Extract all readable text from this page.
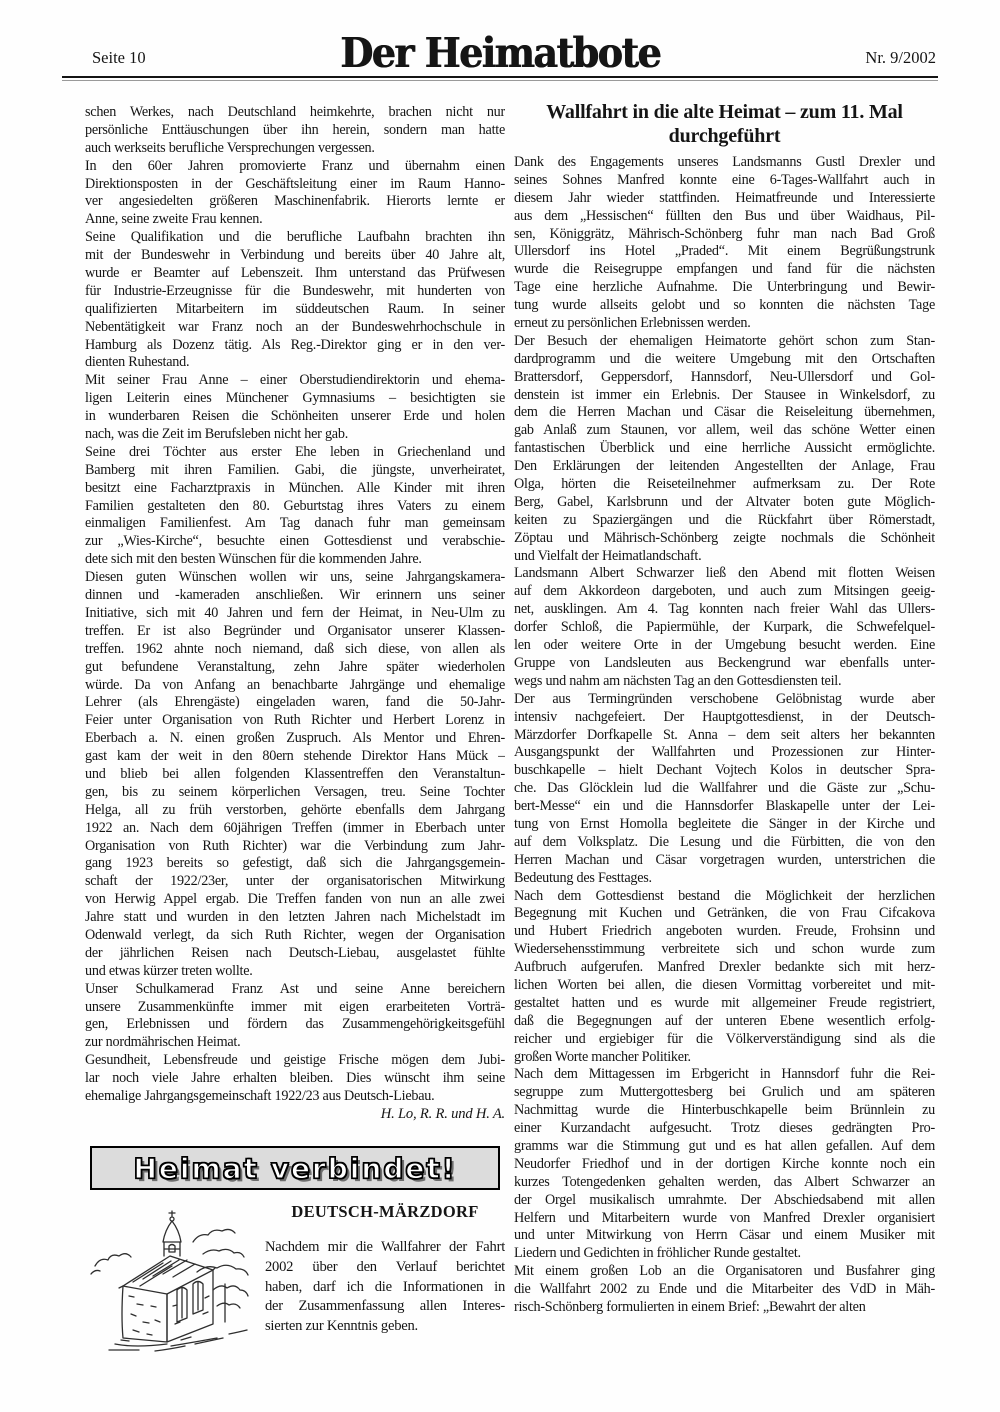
Seite 10	Der Heimatbote	Nr. 9/2002
schen Werkes, nach Deutschland heimkehrte, brachen nicht nur
persönliche Enttäuschungen über ihn herein, sondern man hatte
auch werkseits berufliche Versprechungen vergessen.
In den 60er Jahren promovierte Franz und übernahm einen
Direktionsposten in der Geschäftsleitung einer im Raum Hanno-
ver angesiedelten größeren Maschinenfabrik. Hierorts lernte er
Anne, seine zweite Frau kennen.
Seine Qualifikation und die berufliche Laufbahn brachten ihn
mit der Bundeswehr in Verbindung und bereits über 40 Jahre alt,
wurde er Beamter auf Lebenszeit. Ihm unterstand das Prüfwesen
für Industrie-Erzeugnisse für die Bundeswehr, mit hunderten von
qualifizierten Mitarbeitern im süddeutschen Raum. In seiner
Nebentätigkeit war Franz noch an der Bundeswehrhochschule in
Hamburg als Dozenz tätig. Als Reg.-Direktor ging er in den ver-
dienten Ruhestand.
Mit seiner Frau Anne – einer Oberstudiendirektorin und ehema-
ligen Leiterin eines Münchener Gymnasiums – besichtigten sie
in wunderbaren Reisen die Schönheiten unserer Erde und holen
nach, was die Zeit im Berufsleben nicht her gab.
Seine drei Töchter aus erster Ehe leben in Griechenland und
Bamberg mit ihren Familien. Gabi, die jüngste, unverheiratet,
besitzt eine Facharztpraxis in München. Alle Kinder mit ihren
Familien gestalteten den 80. Geburtstag ihres Vaters zu einem
einmaligen Familienfest. Am Tag danach fuhr man gemeinsam
zur „Wies-Kirche“, besuchte einen Gottesdienst und verabschie-
dete sich mit den besten Wünschen für die kommenden Jahre.
Diesen guten Wünschen wollen wir uns, seine Jahrgangskamera-
dinnen und -kameraden anschließen. Wir erinnern uns seiner
Initiative, sich mit 40 Jahren und fern der Heimat, in Neu-Ulm zu
treffen. Er ist also Begründer und Organisator unserer Klassen-
treffen. 1962 ahnte noch niemand, daß sich diese, von allen als
gut befundene Veranstaltung, zehn Jahre später wiederholen
würde. Da von Anfang an benachbarte Jahrgänge und ehemalige
Lehrer (als Ehrengäste) eingeladen waren, fand die 50-Jahr-
Feier unter Organisation von Ruth Richter und Herbert Lorenz in
Eberbach a. N. einen großen Zuspruch. Als Mentor und Ehren-
gast kam der weit in den 80ern stehende Direktor Hans Mück –
und blieb bei allen folgenden Klassentreffen den Veranstaltun-
gen, bis zu seinem körperlichen Versagen, treu. Seine Tochter
Helga, all zu früh verstorben, gehörte ebenfalls dem Jahrgang
1922 an. Nach dem 60jährigen Treffen (immer in Eberbach unter
Organisation von Ruth Richter) war die Verbindung zum Jahr-
gang 1923 bereits so gefestigt, daß sich die Jahrgangsgemein-
schaft der 1922/23er, unter der organisatorischen Mitwirkung
von Herwig Appel ergab. Die Treffen fanden von nun an alle zwei
Jahre statt und wurden in den letzten Jahren nach Michelstadt im
Odenwald verlegt, da sich Ruth Richter, wegen der Organisation
der jährlichen Reisen nach Deutsch-Liebau, ausgelastet fühlte
und etwas kürzer treten wollte.
Unser Schulkamerad Franz Ast und seine Anne bereichern
unsere Zusammenkünfte immer mit eigen erarbeiteten Vorträ-
gen, Erlebnissen und fördern das Zusammengehörigkeitsgefühl
zur nordmährischen Heimat.
Gesundheit, Lebensfreude und geistige Frische mögen dem Jubi-
lar noch viele Jahre erhalten bleiben. Dies wünscht ihm seine
ehemalige Jahrgangsgemeinschaft 1922/23 aus Deutsch-Liebau.
H. Lo, R. R. und H. A.
Wallfahrt in die alte Heimat – zum 11. Mal
durchgeführt
Dank des Engagements unseres Landsmanns Gustl Drexler und
seines Sohnes Manfred konnte eine 6-Tages-Wallfahrt auch in
diesem Jahr wieder stattfinden. Heimatfreunde und Interessierte
aus dem „Hessischen“ füllten den Bus und über Waidhaus, Pil-
sen, Königgrätz, Mährisch-Schönberg fuhr man nach Bad Groß
Ullersdorf ins Hotel „Praded“. Mit einem Begrüßungstrunk
wurde die Reisegruppe empfangen und fand für die nächsten
Tage eine herzliche Aufnahme. Die Unterbringung und Bewir-
tung wurde allseits gelobt und so konnten die nächsten Tage
erneut zu persönlichen Erlebnissen werden.
Der Besuch der ehemaligen Heimatorte gehört schon zum Stan-
dardprogramm und die weitere Umgebung mit den Ortschaften
Brattersdorf, Geppersdorf, Hannsdorf, Neu-Ullersdorf und Gol-
denstein ist immer ein Erlebnis. Der Stausee in Winkelsdorf, zu
dem die Herren Machan und Cäsar die Reiseleitung übernehmen,
gab Anlaß zum Staunen, vor allem, weil das schöne Wetter einen
fantastischen Überblick und eine herrliche Aussicht ermöglichte.
Den Erklärungen der leitenden Angestellten der Anlage, Frau
Olga, hörten die Reiseteilnehmer aufmerksam zu. Der Rote
Berg, Gabel, Karlsbrunn und der Altvater boten gute Möglich-
keiten zu Spaziergängen und die Rückfahrt über Römerstadt,
Zöptau und Mährisch-Schönberg zeigte nochmals die Schönheit
und Vielfalt der Heimatlandschaft.
Landsmann Albert Schwarzer ließ den Abend mit flotten Weisen
auf dem Akkordeon dargeboten, und auch zum Mitsingen geeig-
net, ausklingen. Am 4. Tag konnten nach freier Wahl das Ullers-
dorfer Schloß, die Papiermühle, der Kurpark, die Schwefelquel-
len oder weitere Orte in der Umgebung besucht werden. Eine
Gruppe von Landsleuten aus Beckengrund war ebenfalls unter-
wegs und nahm am nächsten Tag an den Gottesdiensten teil.
Der aus Termingründen verschobene Gelöbnistag wurde aber
intensiv nachgefeiert. Der Hauptgottesdienst, in der Deutsch-
Märzdorfer Dorfkapelle St. Anna – dem seit alters her bekannten
Ausgangspunkt der Wallfahrten und Prozessionen zur Hinter-
buschkapelle – hielt Dechant Vojtech Kolos in deutscher Spra-
che. Das Glöcklein lud die Wallfahrer und die Gäste zur „Schu-
bert-Messe“ ein und die Hannsdorfer Blaskapelle unter der Lei-
tung von Ernst Homolla begleitete die Sänger in der Kirche und
auf dem Volksplatz. Die Lesung und die Fürbitten, die von den
Herren Machan und Cäsar vorgetragen wurden, unterstrichen die
Bedeutung des Festtages.
Nach dem Gottesdienst bestand die Möglichkeit der herzlichen
Begegnung mit Kuchen und Getränken, die von Frau Cifcakova
und Hubert Friedrich angeboten wurden. Freude, Frohsinn und
Wiedersehensstimmung verbreitete sich und schon wurde zum
Aufbruch aufgerufen. Manfred Drexler bedankte sich mit herz-
lichen Worten bei allen, die diesen Vormittag vorbereitet und mit-
gestaltet hatten und es wurde mit allgemeiner Freude registriert,
daß die Begegnungen auf der unteren Ebene wesentlich erfolg-
reicher und ergiebiger für die Völkerverständigung sind als die
großen Worte mancher Politiker.
Nach dem Mittagessen im Erbgericht in Hannsdorf fuhr die Rei-
segruppe zum Muttergottesberg bei Grulich und am späteren
Nachmittag wurde die Hinterbuschkapelle beim Brünnlein zu
einer Kurzandacht aufgesucht. Trotz dieses gedrängten Pro-
gramms war die Stimmung gut und es hat allen gefallen. Auf dem
Neudorfer Friedhof und in der dortigen Kirche konnte noch ein
kurzes Totengedenken gehalten werden, das Albert Schwarzer an
der Orgel musikalisch umrahmte. Der Abschiedsabend mit allen
Helfern und Mitarbeitern wurde von Manfred Drexler organisiert
und unter Mitwirkung von Herrn Cäsar und einem Musiker mit
Liedern und Gedichten in fröhlicher Runde gestaltet.
Mit einem großen Lob an die Organisatoren und Busfahrer ging
die Wallfahrt 2002 zu Ende und die Mitarbeiter des VdD in Mäh-
risch-Schönberg formulierten in einem Brief: „Bewahrt der alten
Heimat verbindet!
DEUTSCH-MÄRZDORF
Nachdem mir die Wallfahrer der Fahrt
2002 über den Verlauf berichtet
haben, darf ich die Informationen in
der Zusammenfassung allen Interes-
sierten zur Kenntnis geben.
